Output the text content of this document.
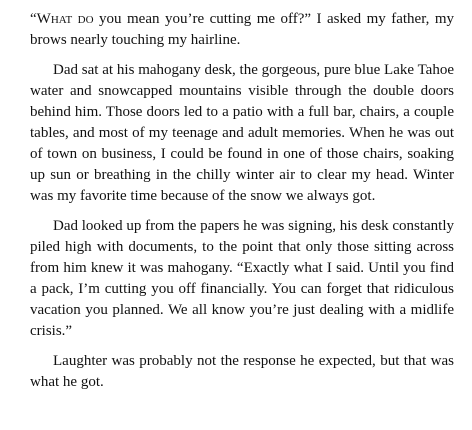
“What do you mean you’re cutting me off?” I asked my father, my brows nearly touching my hairline.

Dad sat at his mahogany desk, the gorgeous, pure blue Lake Tahoe water and snowcapped mountains visible through the double doors behind him. Those doors led to a patio with a full bar, chairs, a couple tables, and most of my teenage and adult memories. When he was out of town on business, I could be found in one of those chairs, soaking up sun or breathing in the chilly winter air to clear my head. Winter was my favorite time because of the snow we always got.

Dad looked up from the papers he was signing, his desk constantly piled high with documents, to the point that only those sitting across from him knew it was mahogany. “Exactly what I said. Until you find a pack, I’m cutting you off financially. You can forget that ridiculous vacation you planned. We all know you’re just dealing with a midlife crisis.”

Laughter was probably not the response he expected, but that was what he got.
